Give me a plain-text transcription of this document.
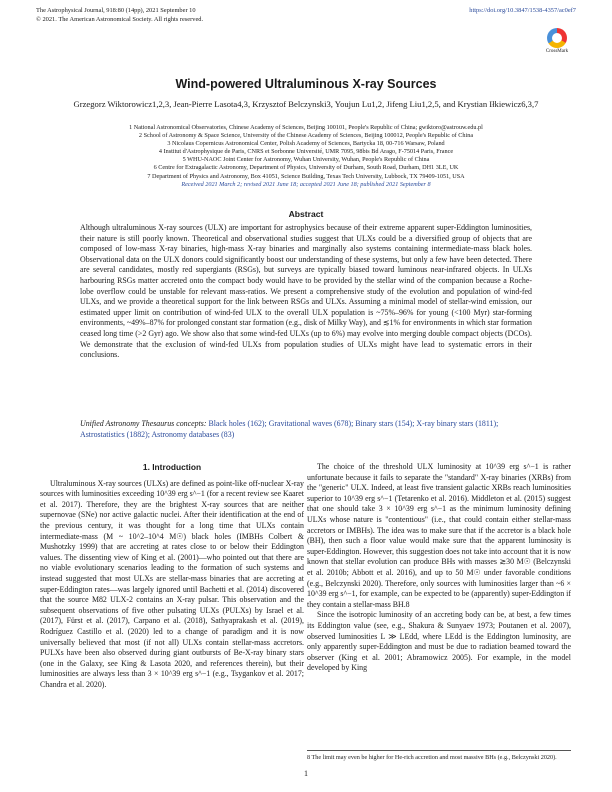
The Astrophysical Journal, 918:80 (14pp), 2021 September 10	https://doi.org/10.3847/1538-4357/ac0ef7
© 2021. The American Astronomical Society. All rights reserved.
CrossMark
Wind-powered Ultraluminous X-ray Sources
Grzegorz Wiktorowicz1,2,3, Jean-Pierre Lasota4,3, Krzysztof Belczynski3, Youjun Lu1,2, Jifeng Liu1,2,5, and Krystian Iłkiewicz6,3,7
1 National Astronomical Observatories, Chinese Academy of Sciences, Beijing 100101, People's Republic of China; gwiktoro@astrouw.edu.pl
2 School of Astronomy & Space Science, University of the Chinese Academy of Sciences, Beijing 100012, People's Republic of China
3 Nicolaus Copernicus Astronomical Center, Polish Academy of Sciences, Bartycka 18, 00-716 Warsaw, Poland
4 Institut d'Astrophysique de Paris, CNRS et Sorbonne Université, UMR 7095, 98bis Bd Arago, F-75014 Paris, France
5 WHU-NAOC Joint Center for Astronomy, Wuhan University, Wuhan, People's Republic of China
6 Centre for Extragalactic Astronomy, Department of Physics, University of Durham, South Road, Durham, DH1 3LE, UK
7 Department of Physics and Astronomy, Box 41051, Science Building, Texas Tech University, Lubbock, TX 79409-1051, USA
Received 2021 March 2; revised 2021 June 18; accepted 2021 June 18; published 2021 September 8
Abstract
Although ultraluminous X-ray sources (ULX) are important for astrophysics because of their extreme apparent super-Eddington luminosities, their nature is still poorly known. Theoretical and observational studies suggest that ULXs could be a diversified group of objects that are composed of low-mass X-ray binaries, high-mass X-ray binaries and marginally also systems containing intermediate-mass black holes. Observational data on the ULX donors could significantly boost our understanding of these systems, but only a few have been detected. There are several candidates, mostly red supergiants (RSGs), but surveys are typically biased toward luminous near-infrared objects. In ULXs harbouring RSGs matter accreted onto the compact body would have to be provided by the stellar wind of the companion because a Roche-lobe overflow could be unstable for relevant mass-ratios. We present a comprehensive study of the evolution and population of wind-fed ULXs, and we provide a theoretical support for the link between RSGs and ULXs. Assuming a minimal model of stellar-wind emission, our estimated upper limit on contribution of wind-fed ULX to the overall ULX population is ~75%–96% for young (<100 Myr) star-forming environments, ~49%–87% for prolonged constant star formation (e.g., disk of Milky Way), and ≲1% for environments in which star formation ceased long time (>2 Gyr) ago. We show also that some wind-fed ULXs (up to 6%) may evolve into merging double compact objects (DCOs). We demonstrate that the exclusion of wind-fed ULXs from population studies of ULXs might have lead to systematic errors in their conclusions.
Unified Astronomy Thesaurus concepts: Black holes (162); Gravitational waves (678); Binary stars (154); X-ray binary stars (1811); Astrostatistics (1882); Astronomy databases (83)
1. Introduction

Ultraluminous X-ray sources (ULXs) are defined as point-like off-nuclear X-ray sources with luminosities exceeding 10^39 erg s^−1 (for a recent review see Kaaret et al. 2017). Therefore, they are the brightest X-ray sources that are neither supernovae (SNe) nor active galactic nuclei. After their identification at the end of the previous century, it was thought for a long time that ULXs contain intermediate-mass (M ~ 10^2–10^4 M☉) black holes (IMBHs Colbert & Mushotzky 1999) that are accreting at rates close to or below their Eddington values. The dissenting view of King et al. (2001)—who pointed out that there are no viable evolutionary scenarios leading to the formation of such systems and instead suggested that most ULXs are stellar-mass binaries that are accreting at super-Eddington rates—was largely ignored until Bachetti et al. (2014) discovered that the source M82 ULX-2 contains an X-ray pulsar. This observation and the subsequent observations of five other pulsating ULXs (PULXs) by Israel et al. (2017), Fürst et al. (2017), Carpano et al. (2018), Sathyaprakash et al. (2019), Rodríguez Castillo et al. (2020) led to a change of paradigm and it is now universally believed that most (if not all) ULXs contain stellar-mass accretors. PULXs have been also observed during giant outbursts of Be-X-ray binary stars (one in the Galaxy, see King & Lasota 2020, and references therein), but their luminosities are always less than 3 × 10^39 erg s^−1 (e.g., Tsygankov et al. 2017; Chandra et al. 2020).

The choice of the threshold ULX luminosity at 10^39 erg s^−1 is rather unfortunate because it fails to separate the "standard" X-ray binaries (XRBs) from the "generic" ULX. Indeed, at least five transient galactic XRBs reach luminosities superior to 10^39 erg s^−1 (Tetarenko et al. 2016). Middleton et al. (2015) suggest that one should take 3 × 10^39 erg s^−1 as the minimum luminosity defining ULXs whose nature is "contentious" (i.e., that could contain either stellar-mass accretors or IMBHs). The idea was to make sure that if the accretor is a black hole (BH), then such a floor value would make sure that the apparent luminosity is super-Eddington. However, this suggestion does not take into account that it is now known that stellar evolution can produce BHs with masses ≳30 M☉ (Belczynski et al. 2010b; Abbott et al. 2016), and up to 50 M☉ under favorable conditions (e.g., Belczynski 2020). Therefore, only sources with luminosities larger than ~6 × 10^39 erg s^−1, for example, can be expected to be (apparently) super-Eddington if they contain a stellar-mass BH.8

Since the isotropic luminosity of an accreting body can be, at best, a few times its Eddington value (see, e.g., Shakura & Sunyaev 1973; Poutanen et al. 2007), observed luminosities L ≫ LEdd, where LEdd is the Eddington luminosity, are only apparently super-Eddington and must be due to radiation beamed toward the observer (King et al. 2001; Abramowicz 2005). For example, in the model developed by King

8 The limit may even be higher for He-rich accretion and most massive BHs (e.g., Belczynski 2020).
1
